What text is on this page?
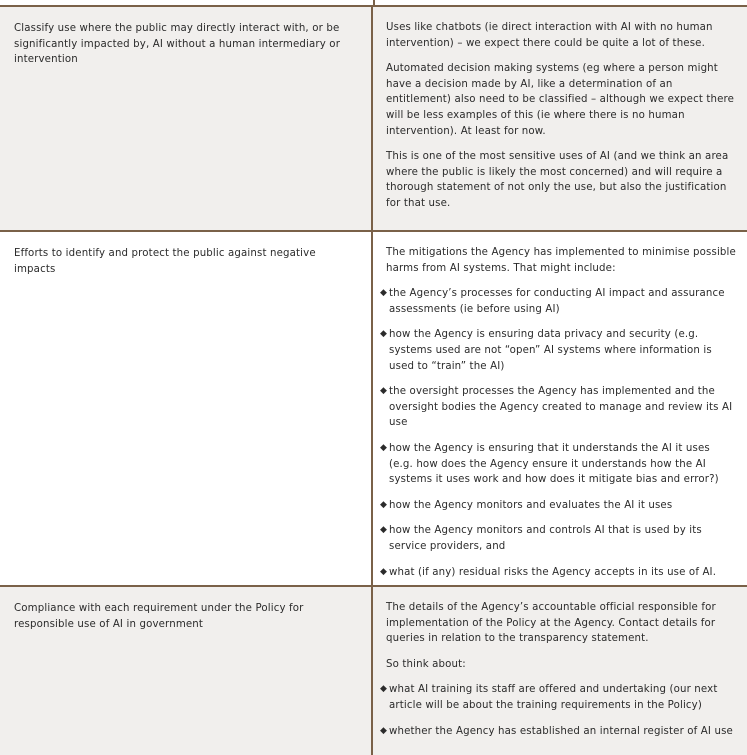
Classify use where the public may directly interact with, or be significantly impacted by, AI without a human intermediary or intervention

Uses like chatbots (ie direct interaction with AI with no human intervention) – we expect there could be quite a lot of these.

Automated decision making systems (eg where a person might have a decision made by AI, like a determination of an entitlement) also need to be classified – although we expect there will be less examples of this (ie where there is no human intervention). At least for now.

This is one of the most sensitive uses of AI (and we think an area where the public is likely the most concerned) and will require a thorough statement of not only the use, but also the justification for that use.

Efforts to identify and protect the public against negative impacts

The mitigations the Agency has implemented to minimise possible harms from AI systems. That might include:

◆ the Agency’s processes for conducting AI impact and assurance assessments (ie before using AI)
◆ how the Agency is ensuring data privacy and security (e.g. systems used are not “open” AI systems where information is used to “train” the AI)
◆ the oversight processes the Agency has implemented and the oversight bodies the Agency created to manage and review its AI use
◆ how the Agency is ensuring that it understands the AI it uses (e.g. how does the Agency ensure it understands how the AI systems it uses work and how does it mitigate bias and error?)
◆ how the Agency monitors and evaluates the AI it uses
◆ how the Agency monitors and controls AI that is used by its service providers, and
◆ what (if any) residual risks the Agency accepts in its use of AI.
Compliance with each requirement under the Policy for responsible use of AI in government

The details of the Agency’s accountable official responsible for implementation of the Policy at the Agency. Contact details for queries in relation to the transparency statement.

So think about:

◆ what AI training its staff are offered and undertaking (our next article will be about the training requirements in the Policy)
◆ whether the Agency has established an internal register of AI use
